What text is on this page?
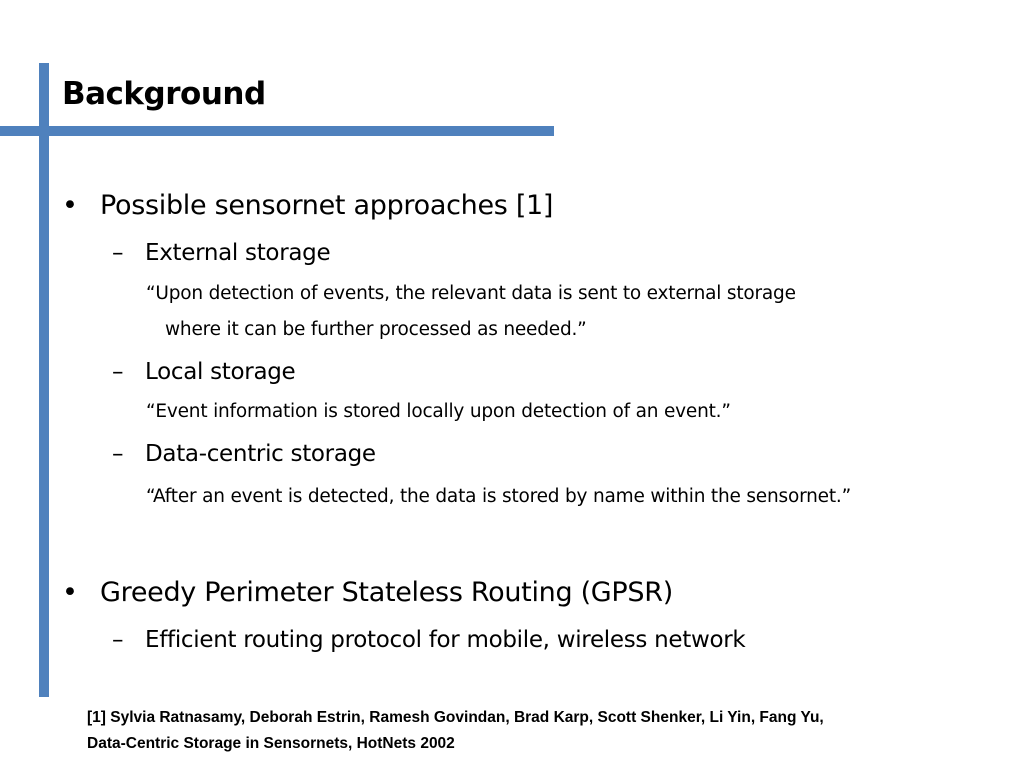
Background
• Possible sensornet approaches [1]
– External storage
“Upon detection of events, the relevant data is sent to external storage
where it can be further processed as needed.”
– Local storage
“Event information is stored locally upon detection of an event.”
– Data-centric storage
“After an event is detected, the data is stored by name within the sensornet.”
• Greedy Perimeter Stateless Routing (GPSR)
– Efficient routing protocol for mobile, wireless network
[1] Sylvia Ratnasamy, Deborah Estrin, Ramesh Govindan, Brad Karp, Scott Shenker, Li Yin, Fang Yu,
Data-Centric Storage in Sensornets, HotNets 2002
